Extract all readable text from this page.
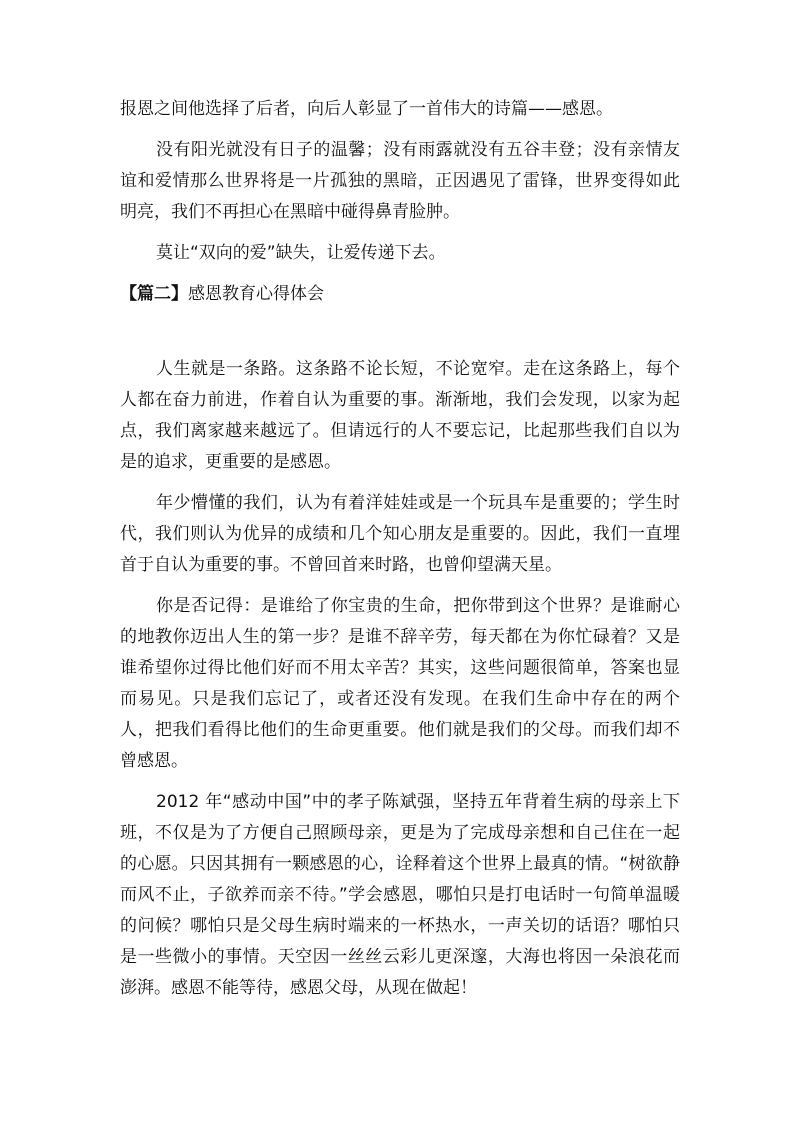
报恩之间他选择了后者，向后人彰显了一首伟大的诗篇——感恩。

没有阳光就没有日子的温馨；没有雨露就没有五谷丰登；没有亲情友谊和爱情那么世界将是一片孤独的黑暗，正因遇见了雷锋，世界变得如此明亮，我们不再担心在黑暗中碰得鼻青脸肿。

莫让“双向的爱”缺失，让爱传递下去。

【篇二】感恩教育心得体会

人生就是一条路。这条路不论长短，不论宽窄。走在这条路上，每个人都在奋力前进，作着自认为重要的事。渐渐地，我们会发现，以家为起点，我们离家越来越远了。但请远行的人不要忘记，比起那些我们自以为是的追求，更重要的是感恩。

年少懵懂的我们，认为有着洋娃娃或是一个玩具车是重要的；学生时代，我们则认为优异的成绩和几个知心朋友是重要的。因此，我们一直埋首于自认为重要的事。不曾回首来时路，也曾仰望满天星。

你是否记得：是谁给了你宝贵的生命，把你带到这个世界？是谁耐心的地教你迈出人生的第一步？是谁不辞辛劳，每天都在为你忙碌着？又是谁希望你过得比他们好而不用太辛苦？其实，这些问题很简单，答案也显而易见。只是我们忘记了，或者还没有发现。在我们生命中存在的两个人，把我们看得比他们的生命更重要。他们就是我们的父母。而我们却不曾感恩。

2012 年“感动中国”中的孝子陈斌强，坚持五年背着生病的母亲上下班，不仅是为了方便自己照顾母亲，更是为了完成母亲想和自己住在一起的心愿。只因其拥有一颗感恩的心，诠释着这个世界上最真的情。“树欲静而风不止，子欲养而亲不待。”学会感恩，哪怕只是打电话时一句简单温暖的问候？哪怕只是父母生病时端来的一杯热水，一声关切的话语？哪怕只是一些微小的事情。天空因一丝丝云彩儿更深邃，大海也将因一朵浪花而澎湃。感恩不能等待，感恩父母，从现在做起！
